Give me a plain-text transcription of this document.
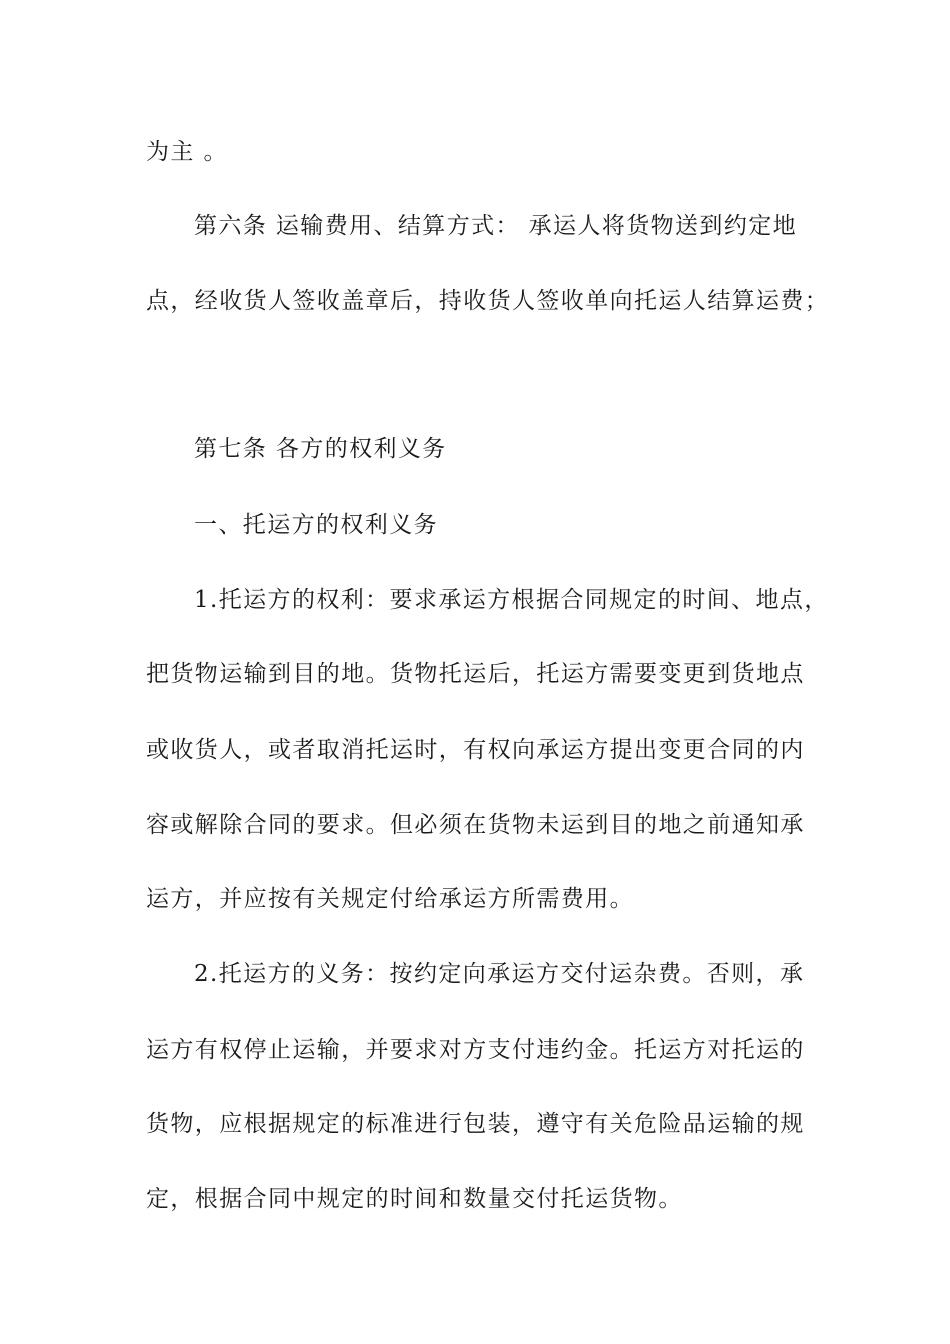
为主 。
第六条 运输费用、结算方式： 承运人将货物送到约定地
点，经收货人签收盖章后，持收货人签收单向托运人结算运费；
第七条 各方的权利义务
一、托运方的权利义务
1.托运方的权利：要求承运方根据合同规定的时间、地点，
把货物运输到目的地。货物托运后，托运方需要变更到货地点
或收货人，或者取消托运时，有权向承运方提出变更合同的内
容或解除合同的要求。但必须在货物未运到目的地之前通知承
运方，并应按有关规定付给承运方所需费用。
2.托运方的义务：按约定向承运方交付运杂费。否则，承
运方有权停止运输，并要求对方支付违约金。托运方对托运的
货物，应根据规定的标准进行包装，遵守有关危险品运输的规
定，根据合同中规定的时间和数量交付托运货物。
